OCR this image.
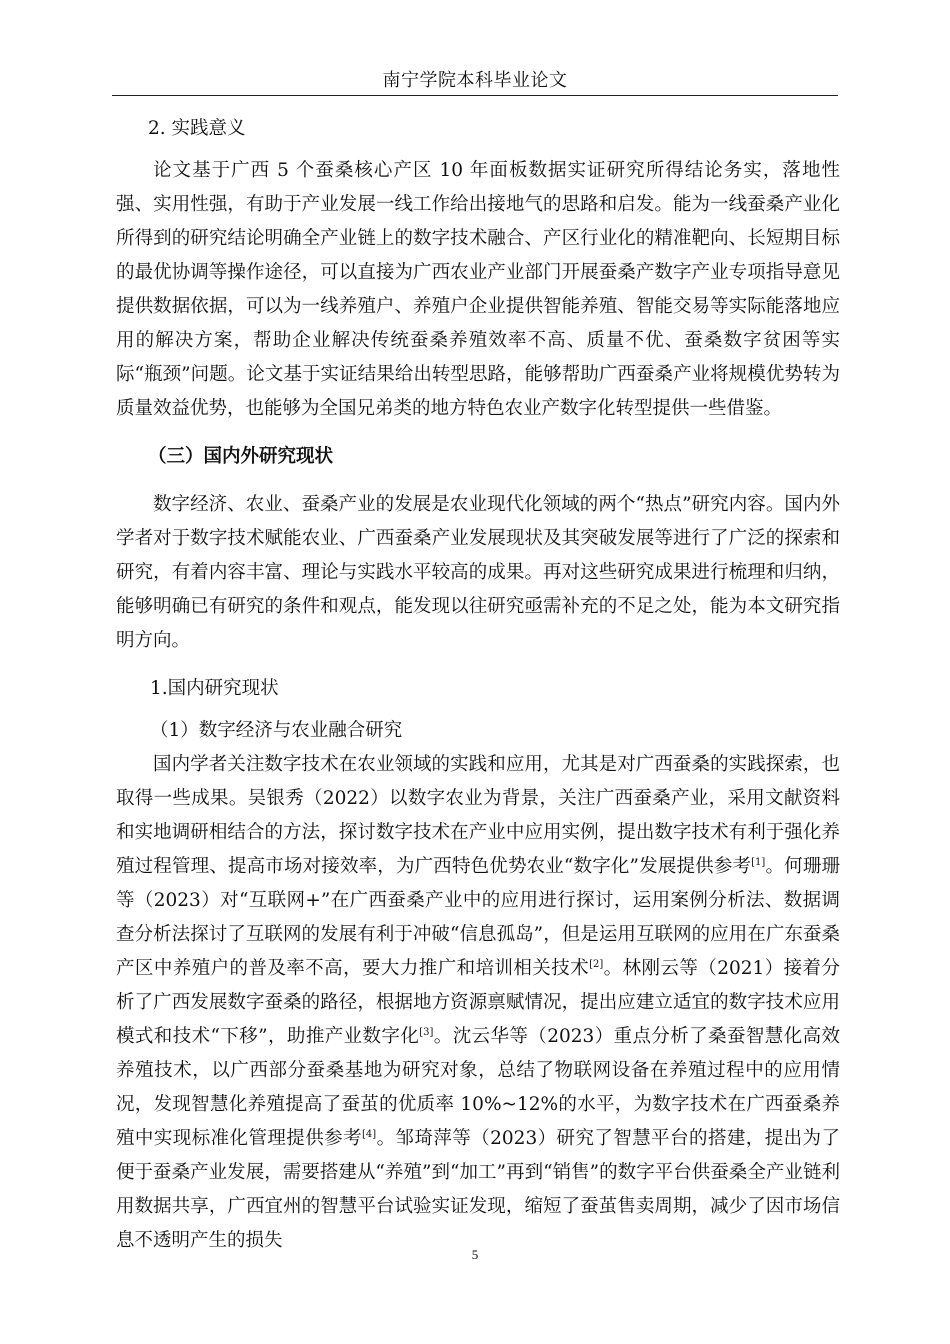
南宁学院本科毕业论文

2. 实践意义

论文基于广西 5 个蚕桑核心产区 10 年面板数据实证研究所得结论务实，落地性强、实用性强，有助于产业发展一线工作给出接地气的思路和启发。能为一线蚕桑产业化所得到的研究结论明确全产业链上的数字技术融合、产区行业化的精准靶向、长短期目标的最优协调等操作途径，可以直接为广西农业产业部门开展蚕桑产数字产业专项指导意见提供数据依据，可以为一线养殖户、养殖户企业提供智能养殖、智能交易等实际能落地应用的解决方案，帮助企业解决传统蚕桑养殖效率不高、质量不优、蚕桑数字贫困等实际“瓶颈”问题。论文基于实证结果给出转型思路，能够帮助广西蚕桑产业将规模优势转为质量效益优势，也能够为全国兄弟类的地方特色农业产数字化转型提供一些借鉴。

（三）国内外研究现状

数字经济、农业、蚕桑产业的发展是农业现代化领域的两个“热点”研究内容。国内外学者对于数字技术赋能农业、广西蚕桑产业发展现状及其突破发展等进行了广泛的探索和研究，有着内容丰富、理论与实践水平较高的成果。再对这些研究成果进行梳理和归纳，能够明确已有研究的条件和观点，能发现以往研究亟需补充的不足之处，能为本文研究指明方向。

1.国内研究现状

（1）数字经济与农业融合研究

国内学者关注数字技术在农业领域的实践和应用，尤其是对广西蚕桑的实践探索，也取得一些成果。吴银秀（2022）以数字农业为背景，关注广西蚕桑产业，采用文献资料和实地调研相结合的方法，探讨数字技术在产业中应用实例，提出数字技术有利于强化养殖过程管理、提高市场对接效率，为广西特色优势农业“数字化”发展提供参考[1]。何珊珊等（2023）对“互联网+”在广西蚕桑产业中的应用进行探讨，运用案例分析法、数据调查分析法探讨了互联网的发展有利于冲破“信息孤岛”，但是运用互联网的应用在广东蚕桑产区中养殖户的普及率不高，要大力推广和培训相关技术[2]。林刚云等（2021）接着分析了广西发展数字蚕桑的路径，根据地方资源禀赋情况，提出应建立适宜的数字技术应用模式和技术“下移”，助推产业数字化[3]。沈云华等（2023）重点分析了桑蚕智慧化高效养殖技术，以广西部分蚕桑基地为研究对象，总结了物联网设备在养殖过程中的应用情况，发现智慧化养殖提高了蚕茧的优质率 10%~12%的水平，为数字技术在广西蚕桑养殖中实现标准化管理提供参考[4]。邹琦萍等（2023）研究了智慧平台的搭建，提出为了便于蚕桑产业发展，需要搭建从“养殖”到“加工”再到“销售”的数字平台供蚕桑全产业链利用数据共享，广西宜州的智慧平台试验实证发现，缩短了蚕茧售卖周期，减少了因市场信息不透明产生的损失

5
